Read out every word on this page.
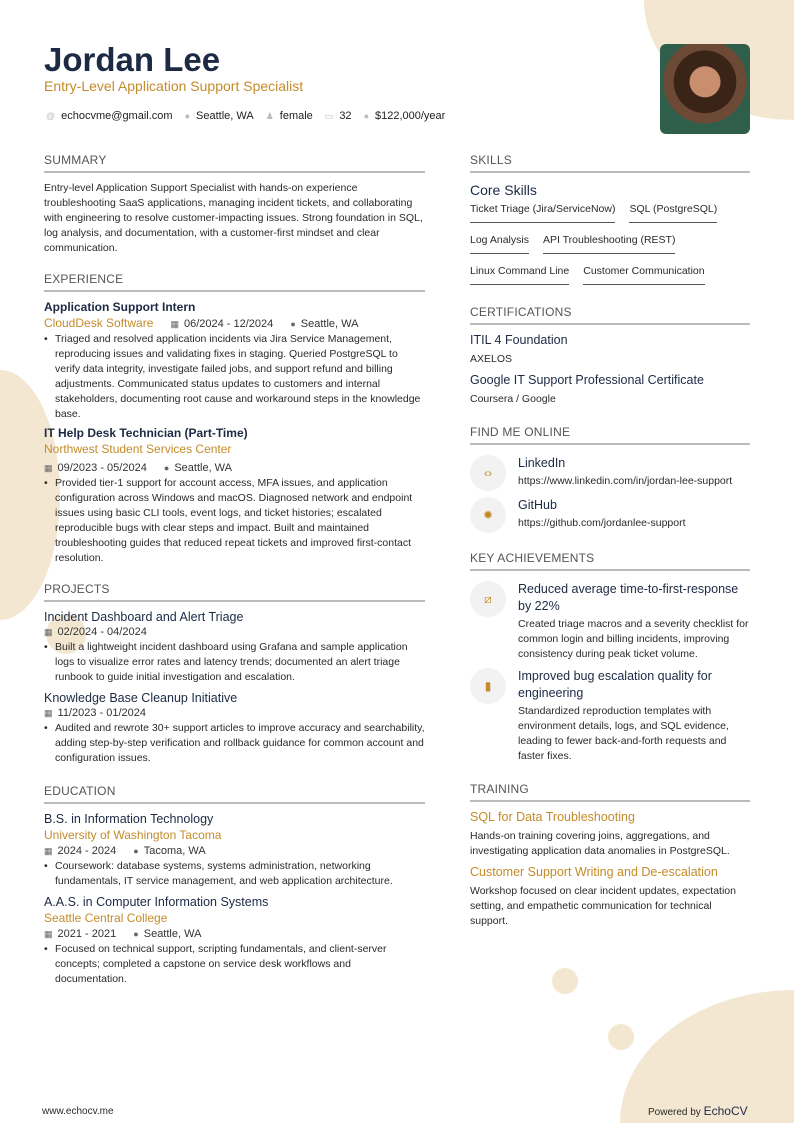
Jordan Lee
Entry-Level Application Support Specialist
@ echocvme@gmail.com ● Seattle, WA ♟ female ▭ 32 ● $122,000/year
SUMMARY

Entry-level Application Support Specialist with hands-on experience troubleshooting SaaS applications, managing incident tickets, and collaborating with engineering to resolve customer-impacting issues. Strong foundation in SQL, log analysis, and documentation, with a customer-first mindset and clear communication.

EXPERIENCE
Application Support Intern
CloudDesk Software ▦ 06/2024 - 12/2024 ● Seattle, WA
• Triaged and resolved application incidents via Jira Service Management, reproducing issues and validating fixes in staging. Queried PostgreSQL to verify data integrity, investigate failed jobs, and support refund and billing adjustments. Communicated status updates to customers and internal stakeholders, documenting root cause and workaround steps in the knowledge base.
IT Help Desk Technician (Part-Time)
Northwest Student Services Center
▦ 09/2023 - 05/2024 ● Seattle, WA
• Provided tier-1 support for account access, MFA issues, and application configuration across Windows and macOS. Diagnosed network and endpoint issues using basic CLI tools, event logs, and ticket histories; escalated reproducible bugs with clear steps and impact. Built and maintained troubleshooting guides that reduced repeat tickets and improved first-contact resolution.
PROJECTS
Incident Dashboard and Alert Triage
▦ 02/2024 - 04/2024
• Built a lightweight incident dashboard using Grafana and sample application logs to visualize error rates and latency trends; documented an alert triage runbook to guide initial investigation and escalation.
Knowledge Base Cleanup Initiative
▦ 11/2023 - 01/2024
• Audited and rewrote 30+ support articles to improve accuracy and searchability, adding step-by-step verification and rollback guidance for common account and configuration issues.
EDUCATION
B.S. in Information Technology
University of Washington Tacoma
▦ 2024 - 2024 ● Tacoma, WA
• Coursework: database systems, systems administration, networking fundamentals, IT service management, and web application architecture.
A.A.S. in Computer Information Systems
Seattle Central College
▦ 2021 - 2021 ● Seattle, WA
• Focused on technical support, scripting fundamentals, and client-server concepts; completed a capstone on service desk workflows and documentation.
SKILLS
Core Skills
Ticket Triage (Jira/ServiceNow) SQL (PostgreSQL)
Log Analysis API Troubleshooting (REST)
Linux Command Line Customer Communication
CERTIFICATIONS
ITIL 4 Foundation
AXELOS
Google IT Support Professional Certificate
Coursera / Google
FIND ME ONLINE
‹›
LinkedIn

https://www.linkedin.com/in/jordan-lee-support

✹
GitHub

https://github.com/jordanlee-support

KEY ACHIEVEMENTS
⧄
Reduced average time-to-first-response by 22%

Created triage macros and a severity checklist for common login and billing incidents, improving consistency during peak ticket volume.

▮
Improved bug escalation quality for engineering

Standardized reproduction templates with environment details, logs, and SQL evidence, leading to fewer back-and-forth requests and faster fixes.

TRAINING
SQL for Data Troubleshooting

Hands-on training covering joins, aggregations, and investigating application data anomalies in PostgreSQL.

Customer Support Writing and De-escalation

Workshop focused on clear incident updates, expectation setting, and empathetic communication for technical support.

www.echocv.me	Powered by EchoCV
